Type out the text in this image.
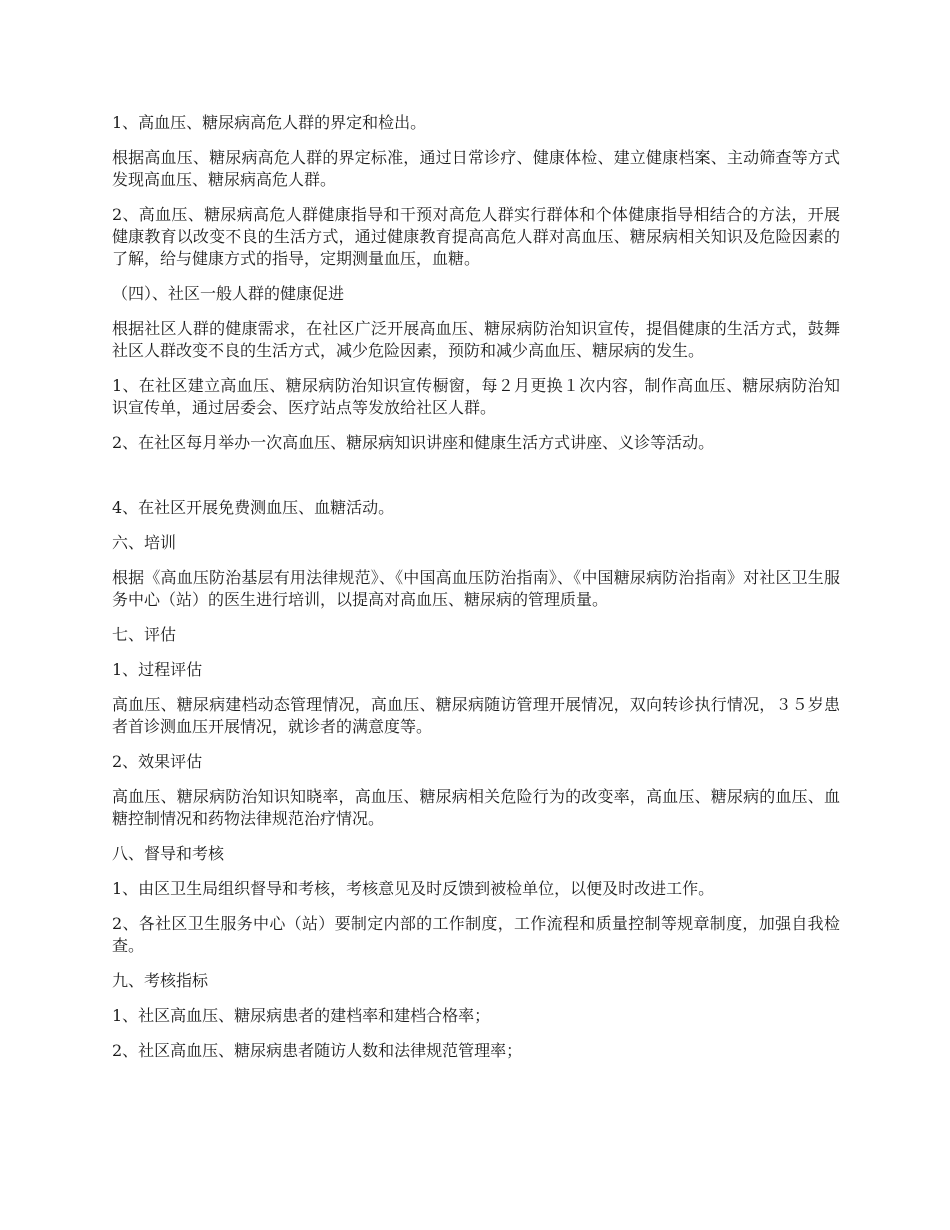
1、高血压、糖尿病高危人群的界定和检出。

根据高血压、糖尿病高危人群的界定标准，通过日常诊疗、健康体检、建立健康档案、主动筛查等方式发现高血压、糖尿病高危人群。

2、高血压、糖尿病高危人群健康指导和干预对高危人群实行群体和个体健康指导相结合的方法，开展健康教育以改变不良的生活方式，通过健康教育提高高危人群对高血压、糖尿病相关知识及危险因素的了解，给与健康方式的指导，定期测量血压，血糖。

（四）、社区一般人群的健康促进

根据社区人群的健康需求，在社区广泛开展高血压、糖尿病防治知识宣传，提倡健康的生活方式，鼓舞社区人群改变不良的生活方式，减少危险因素，预防和减少高血压、糖尿病的发生。

1、在社区建立高血压、糖尿病防治知识宣传橱窗，每２月更换１次内容，制作高血压、糖尿病防治知识宣传单，通过居委会、医疗站点等发放给社区人群。

2、在社区每月举办一次高血压、糖尿病知识讲座和健康生活方式讲座、义诊等活动。

4、在社区开展免费测血压、血糖活动。

六、培训

根据《高血压防治基层有用法律规范》、《中国高血压防治指南》、《中国糖尿病防治指南》对社区卫生服务中心（站）的医生进行培训，以提高对高血压、糖尿病的管理质量。

七、评估

1、过程评估

高血压、糖尿病建档动态管理情况，高血压、糖尿病随访管理开展情况，双向转诊执行情况，３５岁患者首诊测血压开展情况，就诊者的满意度等。

2、效果评估

高血压、糖尿病防治知识知晓率，高血压、糖尿病相关危险行为的改变率，高血压、糖尿病的血压、血糖控制情况和药物法律规范治疗情况。

八、督导和考核

1、由区卫生局组织督导和考核，考核意见及时反馈到被检单位，以便及时改进工作。

2、各社区卫生服务中心（站）要制定内部的工作制度，工作流程和质量控制等规章制度，加强自我检查。

九、考核指标

1、社区高血压、糖尿病患者的建档率和建档合格率；

2、社区高血压、糖尿病患者随访人数和法律规范管理率；
